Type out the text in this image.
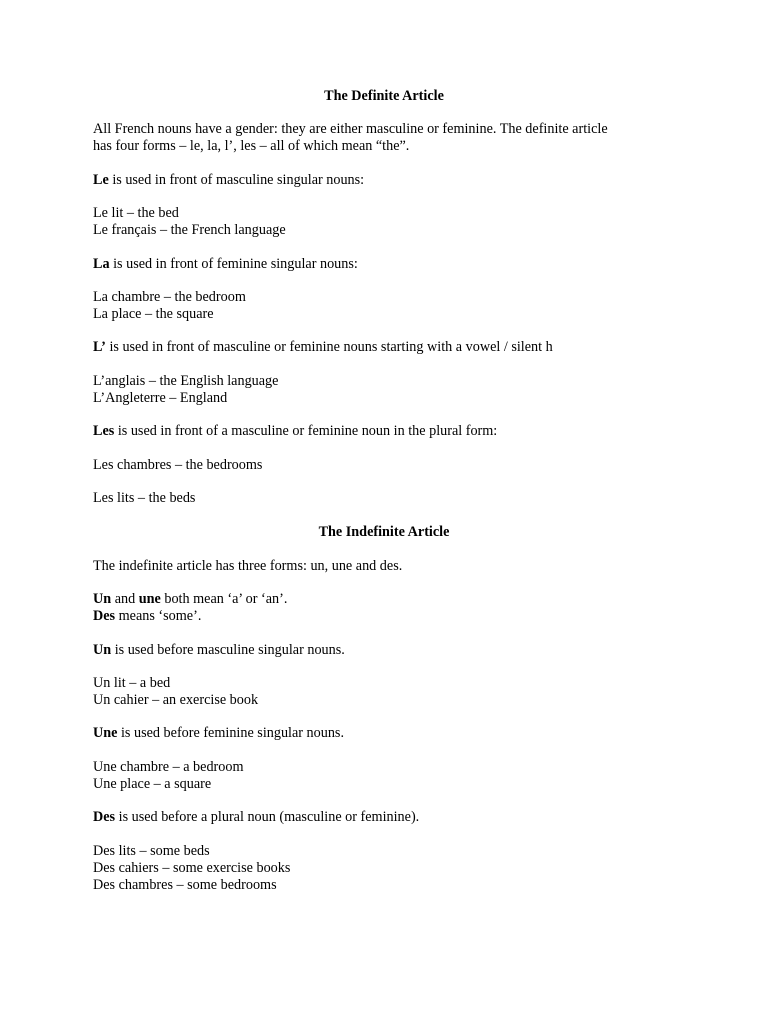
The Definite Article
All French nouns have a gender: they are either masculine or feminine. The definite article
has four forms – le, la, l’, les – all of which mean “the”.
Le is used in front of masculine singular nouns:
Le lit – the bed
Le français – the French language
La is used in front of feminine singular nouns:
La chambre – the bedroom
La place – the square
L’ is used in front of masculine or feminine nouns starting with a vowel / silent h
L’anglais – the English language
L’Angleterre – England
Les is used in front of a masculine or feminine noun in the plural form:
Les chambres – the bedrooms
Les lits – the beds
The Indefinite Article
The indefinite article has three forms: un, une and des.
Un and une both mean ‘a’ or ‘an’.
Des means ‘some’.
Un is used before masculine singular nouns.
Un lit – a bed
Un cahier – an exercise book
Une is used before feminine singular nouns.
Une chambre – a bedroom
Une place – a square
Des is used before a plural noun (masculine or feminine).
Des lits – some beds
Des cahiers – some exercise books
Des chambres – some bedrooms
